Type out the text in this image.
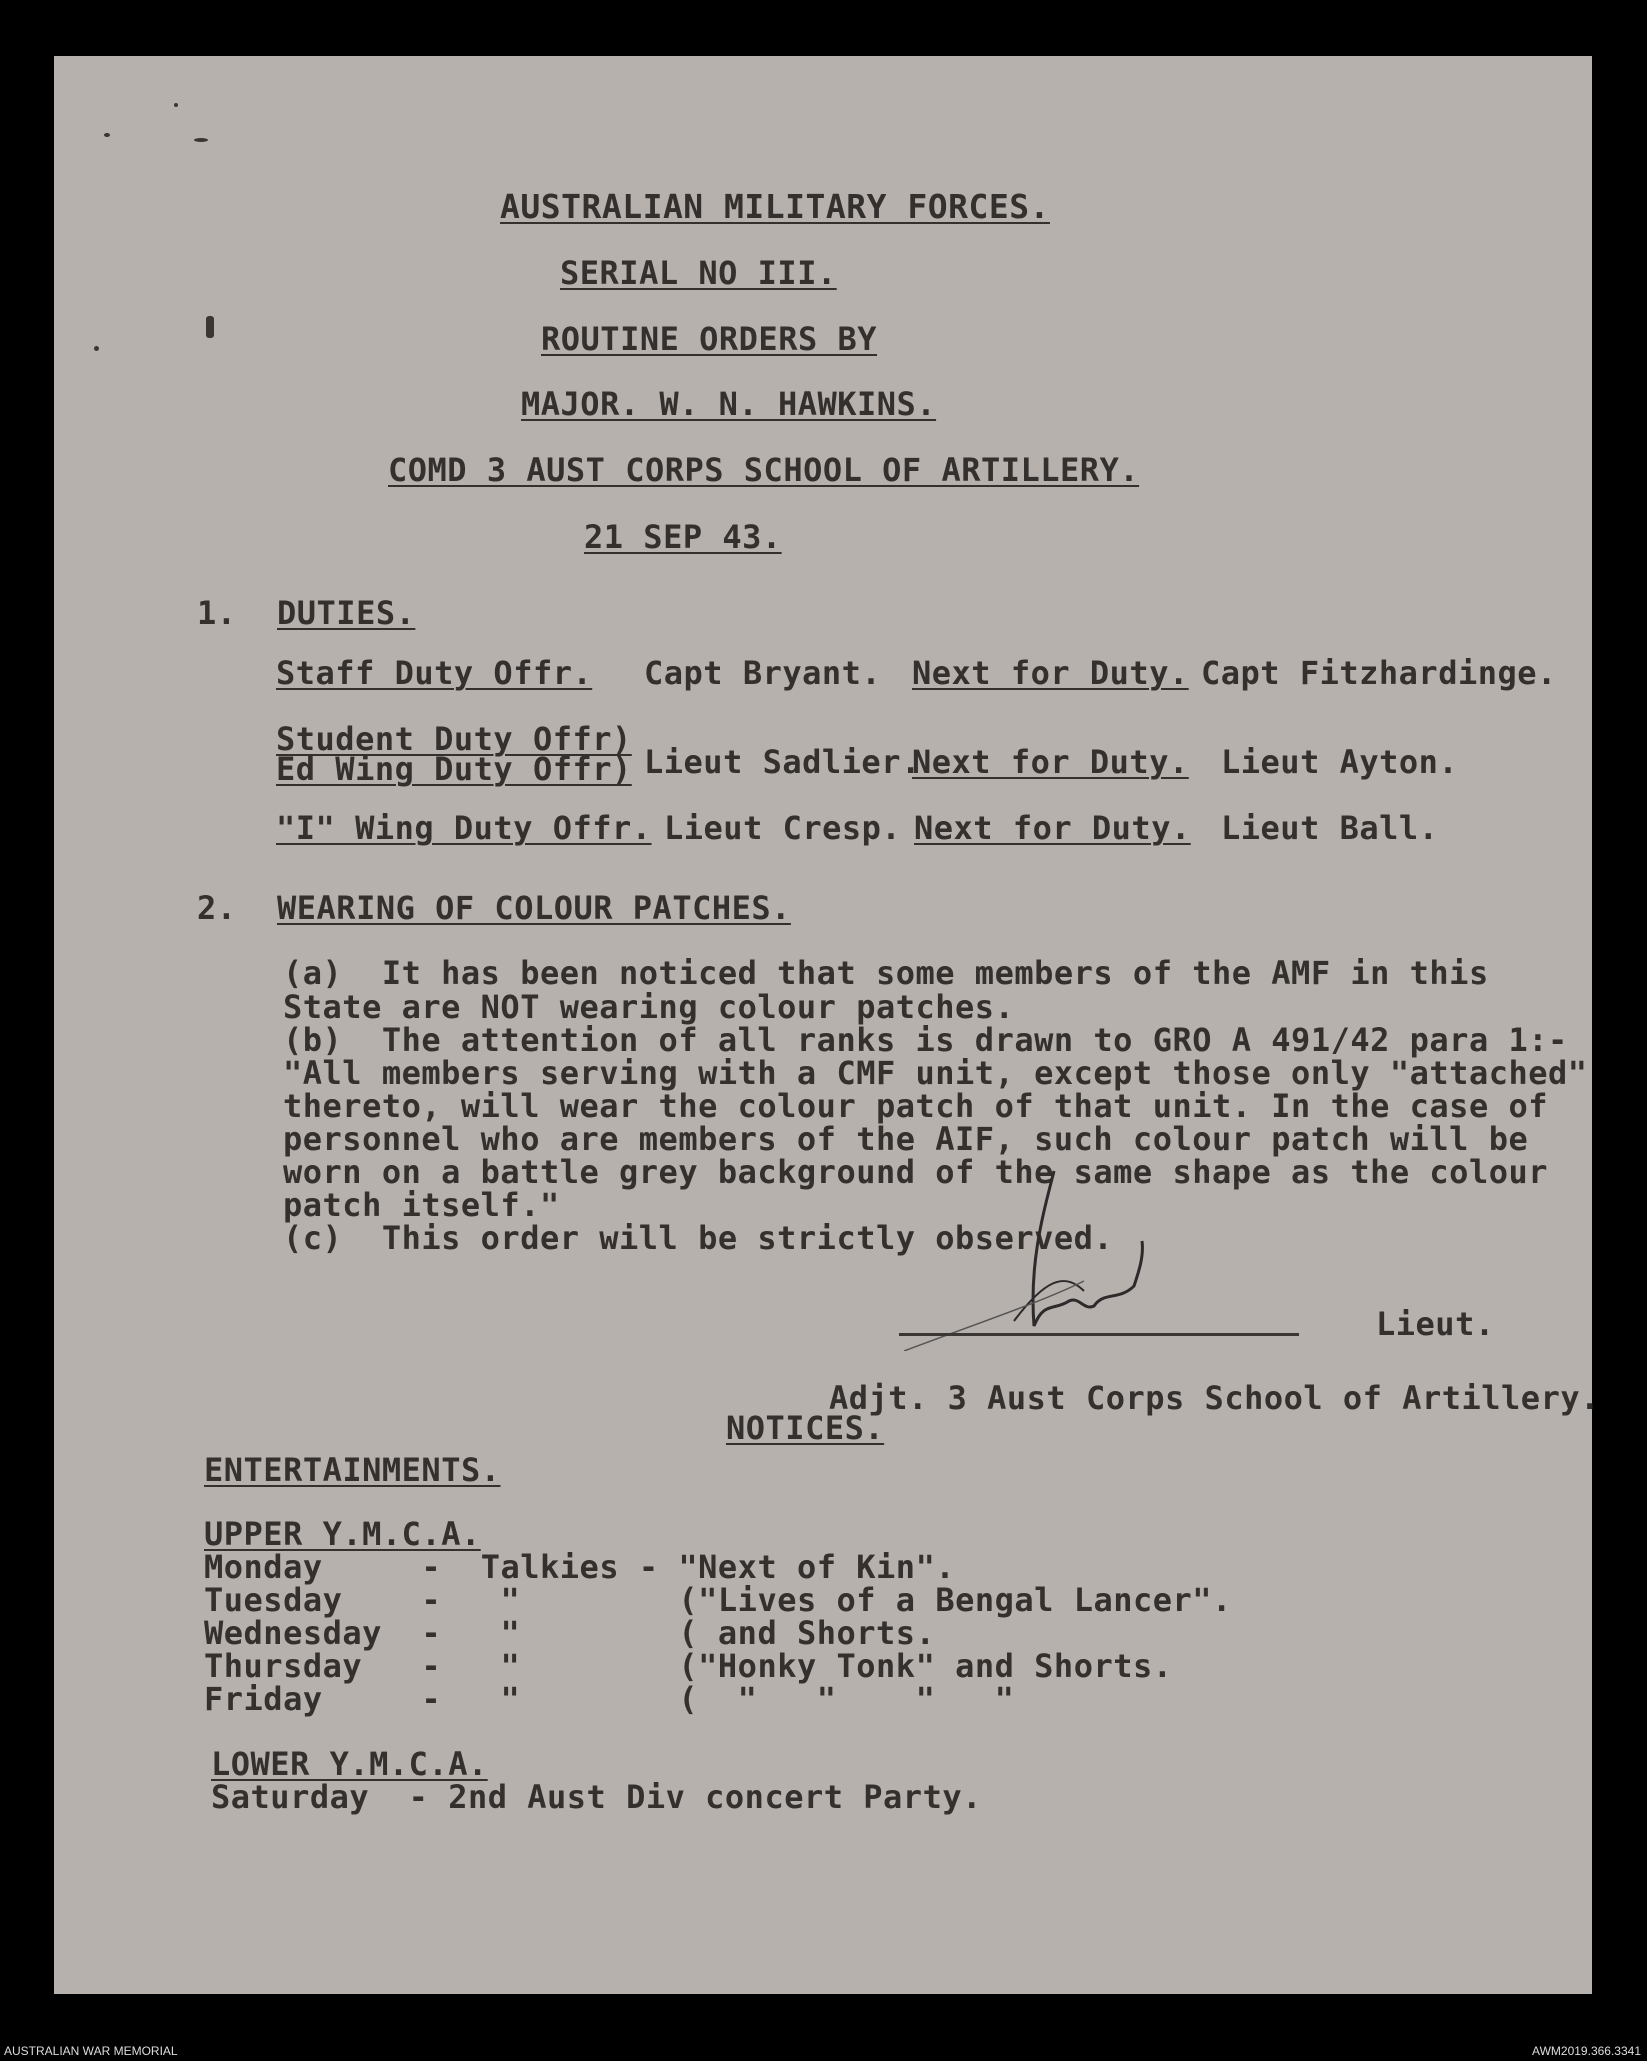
AUSTRALIAN MILITARY FORCES.
SERIAL NO III.
ROUTINE ORDERS BY
MAJOR. W. N. HAWKINS.
COMD 3 AUST CORPS SCHOOL OF ARTILLERY.
21 SEP 43.
1. DUTIES.
Staff Duty Offr. Capt Bryant. Next for Duty. Capt Fitzhardinge.
Student Duty Offr)
Ed Wing Duty Offr) Lieut Sadlier.
Next for Duty. Lieut Ayton.
"I" Wing Duty Offr. Lieut Cresp. Next for Duty. Lieut Ball.
2. WEARING OF COLOUR PATCHES.
(a)  It has been noticed that some members of the AMF in this
State are NOT wearing colour patches.
(b)  The attention of all ranks is drawn to GRO A 491/42 para 1:-
"All members serving with a CMF unit, except those only "attached"
thereto, will wear the colour patch of that unit. In the case of
personnel who are members of the AIF, such colour patch will be
worn on a battle grey background of the same shape as the colour
patch itself."
(c)  This order will be strictly observed.
Lieut.
Adjt. 3 Aust Corps School of Artillery.
NOTICES.
ENTERTAINMENTS.
UPPER Y.M.C.A.
Monday     -  Talkies - "Next of Kin".
Tuesday    -   "        ("Lives of a Bengal Lancer".
Wednesday  -   "        ( and Shorts.
Thursday   -   "        ("Honky Tonk" and Shorts.
Friday     -   "        (  "   "    "   "
LOWER Y.M.C.A.
Saturday  - 2nd Aust Div concert Party.
AUSTRALIAN WAR MEMORIAL	AWM2019.366.3341
